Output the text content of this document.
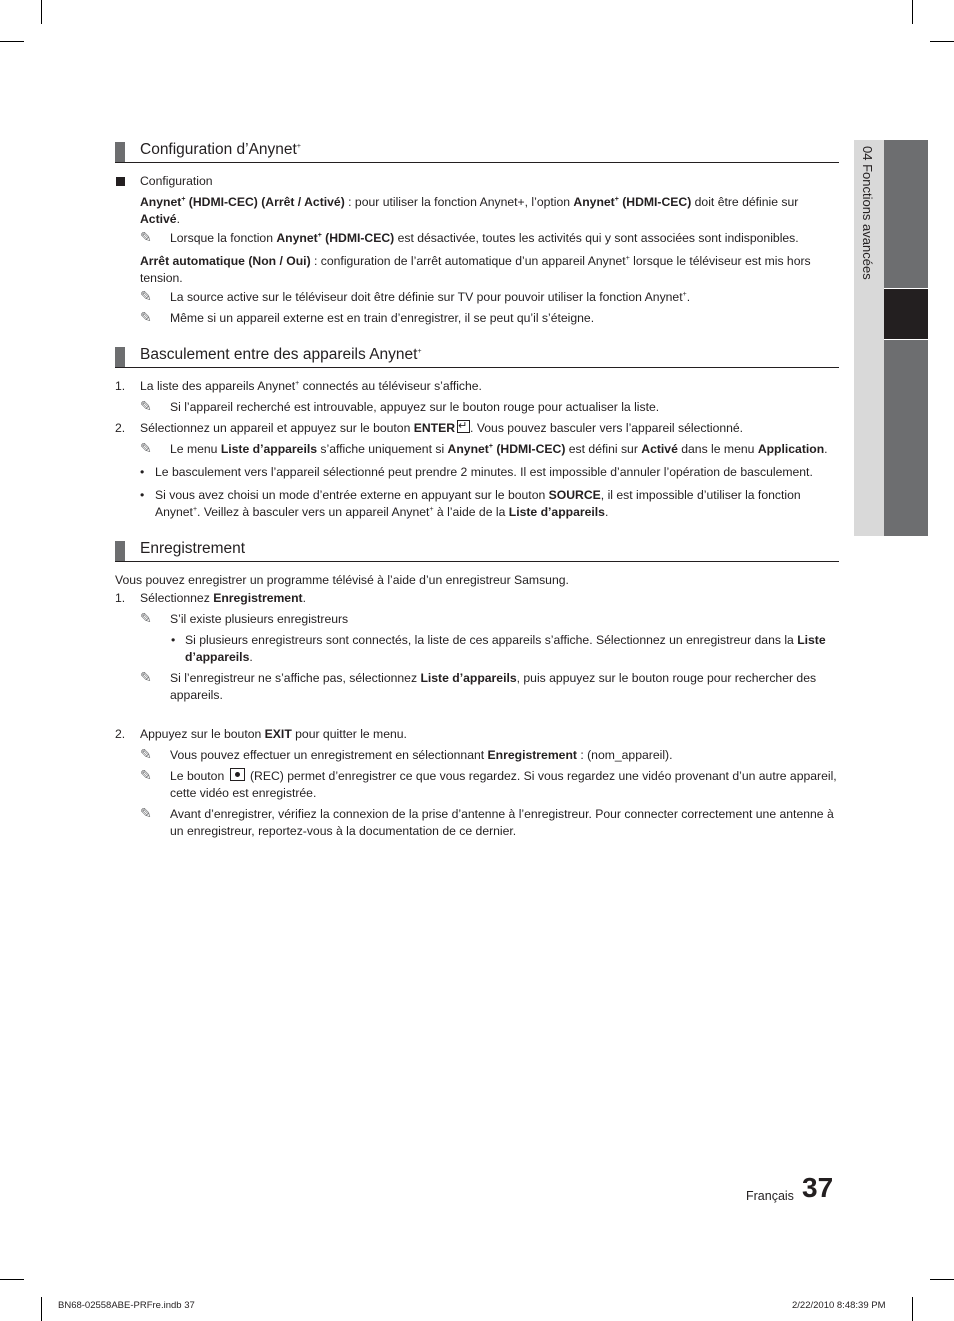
04 Fonctions avancées
Configuration d’Anynet+
Configuration
Anynet+ (HDMI-CEC) (Arrêt / Activé) : pour utiliser la fonction Anynet+, l’option Anynet+ (HDMI-CEC) doit être définie sur Activé.
✎ Lorsque la fonction Anynet+ (HDMI-CEC) est désactivée, toutes les activités qui y sont associées sont indisponibles.
Arrêt automatique (Non / Oui) : configuration de l’arrêt automatique d’un appareil Anynet+ lorsque le téléviseur est mis hors tension.
✎ La source active sur le téléviseur doit être définie sur TV pour pouvoir utiliser la fonction Anynet+.
✎ Même si un appareil externe est en train d’enregistrer, il se peut qu’il s’éteigne.
Basculement entre des appareils Anynet+
1. La liste des appareils Anynet+ connectés au téléviseur s’affiche.
✎ Si l’appareil recherché est introuvable, appuyez sur le bouton rouge pour actualiser la liste.
2. Sélectionnez un appareil et appuyez sur le bouton ENTER↵ . Vous pouvez basculer vers l’appareil sélectionné.
✎ Le menu Liste d’appareils s’affiche uniquement si Anynet+ (HDMI-CEC) est défini sur Activé dans le menu Application.
• Le basculement vers l’appareil sélectionné peut prendre 2 minutes. Il est impossible d’annuler l’opération de basculement.
• Si vous avez choisi un mode d’entrée externe en appuyant sur le bouton SOURCE, il est impossible d’utiliser la fonction Anynet+. Veillez à basculer vers un appareil Anynet+ à l’aide de la Liste d’appareils.
Enregistrement
Vous pouvez enregistrer un programme télévisé à l’aide d’un enregistreur Samsung.
1. Sélectionnez Enregistrement.
✎ S’il existe plusieurs enregistreurs
• Si plusieurs enregistreurs sont connectés, la liste de ces appareils s’affiche. Sélectionnez un enregistreur dans la Liste d’appareils.
✎ Si l’enregistreur ne s’affiche pas, sélectionnez Liste d’appareils, puis appuyez sur le bouton rouge pour rechercher des appareils.
2. Appuyez sur le bouton EXIT pour quitter le menu.
✎ Vous pouvez effectuer un enregistrement en sélectionnant Enregistrement : (nom_appareil).
✎ Le bouton  (REC) permet d’enregistrer ce que vous regardez. Si vous regardez une vidéo provenant d’un autre appareil, cette vidéo est enregistrée.
✎ Avant d’enregistrer, vérifiez la connexion de la prise d’antenne à l’enregistreur. Pour connecter correctement une antenne à un enregistreur, reportez-vous à la documentation de ce dernier.
Français 37
BN68-02558ABE-PRFre.indb 37	2/22/2010 8:48:39 PM
